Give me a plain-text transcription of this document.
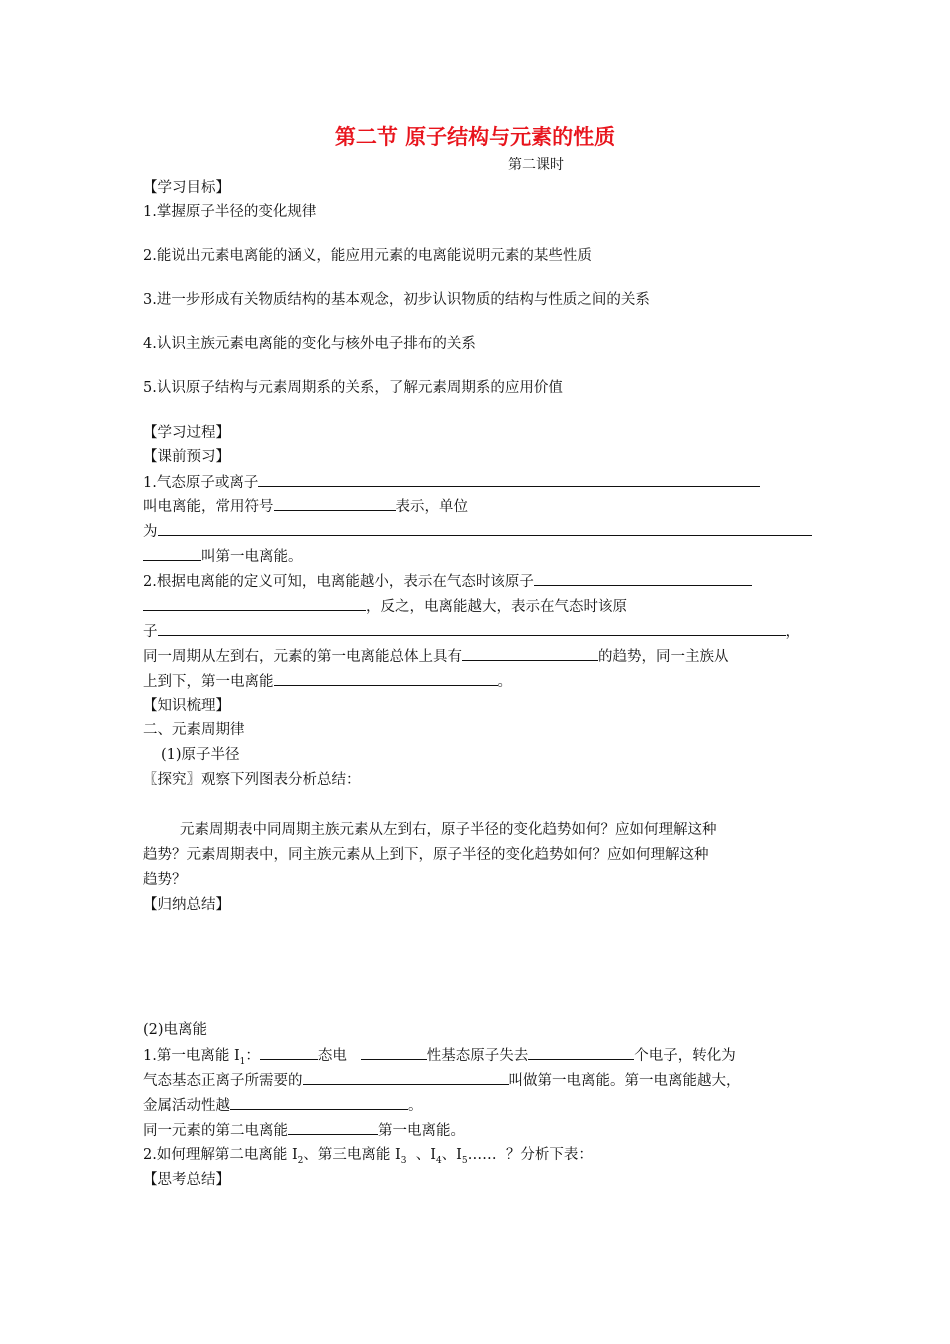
第二节 原子结构与元素的性质
第二课时
【学习目标】
1.掌握原子半径的变化规律
2.能说出元素电离能的涵义，能应用元素的电离能说明元素的某些性质
3.进一步形成有关物质结构的基本观念，初步认识物质的结构与性质之间的关系
4.认识主族元素电离能的变化与核外电子排布的关系
5.认识原子结构与元素周期系的关系，了解元素周期系的应用价值
【学习过程】
【课前预习】
1.气态原子或离子
叫电离能，常用符号	表示，单位
为
叫第一电离能。
2.根据电离能的定义可知，电离能越小，表示在气态时该原子
，反之，电离能越大，表示在气态时该原
子	，
同一周期从左到右，元素的第一电离能总体上具有	的趋势，同一主族从
上到下，第一电离能	。
【知识梳理】
二、元素周期律
(1)原子半径
〖探究〗观察下列图表分析总结：
元素周期表中同周期主族元素从左到右，原子半径的变化趋势如何？应如何理解这种
趋势？元素周期表中，同主族元素从上到下，原子半径的变化趋势如何？应如何理解这种
趋势？
【归纳总结】
(2)电离能
1.第一电离能 $I_1$：	态电	性基态原子失去	个电子，转化为
气态基态正离子所需要的	叫做第一电离能。第一电离能越大，
金属活动性越	。
同一元素的第二电离能	第一电离能。
2.如何理解第二电离能 $I_2$、第三电离能 $I_3$  、$I_4$、$I_5\dots\dots$  ？分析下表：
【思考总结】
